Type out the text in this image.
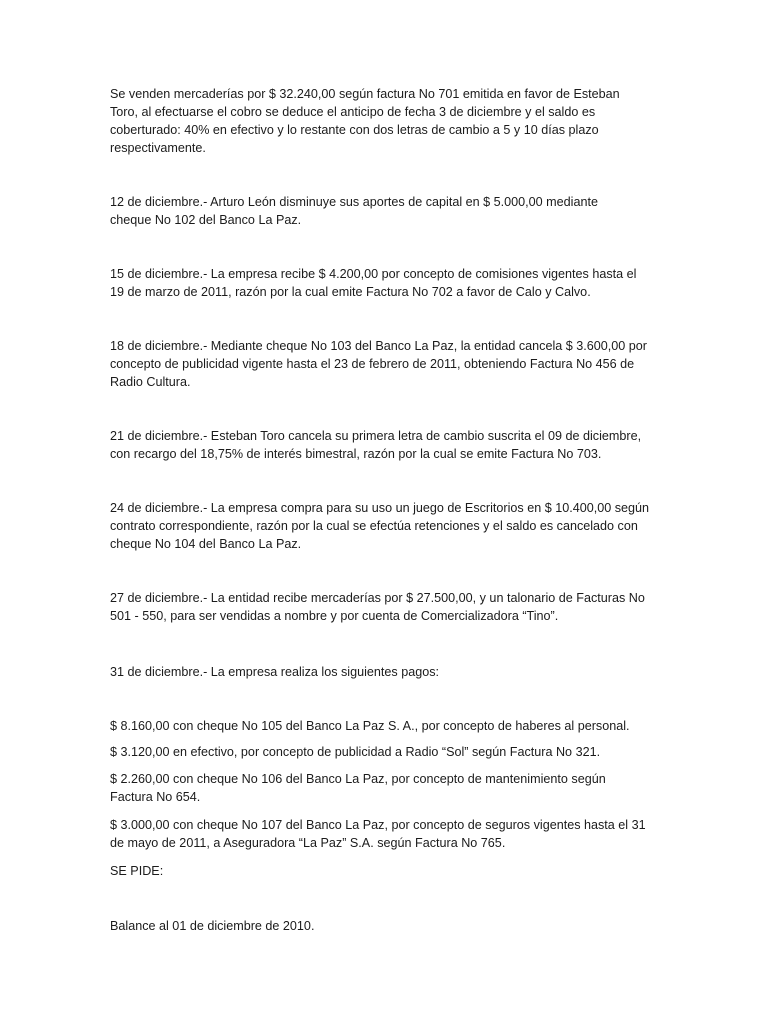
Se venden mercaderías por $ 32.240,00 según factura No 701 emitida en favor de Esteban
Toro, al efectuarse el cobro se deduce el anticipo de fecha 3 de diciembre y el saldo es
coberturado: 40% en efectivo y lo restante con dos letras de cambio a 5 y 10 días plazo
respectivamente.

12 de diciembre.- Arturo León disminuye sus aportes de capital en $ 5.000,00 mediante
cheque No 102 del Banco La Paz.

15 de diciembre.- La empresa recibe $ 4.200,00 por concepto de comisiones vigentes hasta el
19 de marzo de 2011, razón por la cual emite Factura No 702 a favor de Calo y Calvo.

18 de diciembre.- Mediante cheque No 103 del Banco La Paz, la entidad cancela $ 3.600,00 por
concepto de publicidad vigente hasta el 23 de febrero de 2011, obteniendo Factura No 456 de
Radio Cultura.

21 de diciembre.- Esteban Toro cancela su primera letra de cambio suscrita el 09 de diciembre,
con recargo del 18,75% de interés bimestral, razón por la cual se emite Factura No 703.

24 de diciembre.- La empresa compra para su uso un juego de Escritorios en $ 10.400,00 según
contrato correspondiente, razón por la cual se efectúa retenciones y el saldo es cancelado con
cheque No 104 del Banco La Paz.

27 de diciembre.- La entidad recibe mercaderías por $ 27.500,00, y un talonario de Facturas No
501 - 550, para ser vendidas a nombre y por cuenta de Comercializadora “Tino”.

31 de diciembre.- La empresa realiza los siguientes pagos:

$ 8.160,00 con cheque No 105 del Banco La Paz S. A., por concepto de haberes al personal.

$ 3.120,00 en efectivo, por concepto de publicidad a Radio “Sol” según Factura No 321.

$ 2.260,00 con cheque No 106 del Banco La Paz, por concepto de mantenimiento según
Factura No 654.

$ 3.000,00 con cheque No 107 del Banco La Paz, por concepto de seguros vigentes hasta el 31
de mayo de 2011, a Aseguradora “La Paz” S.A. según Factura No 765.

SE PIDE:

Balance al 01 de diciembre de 2010.
